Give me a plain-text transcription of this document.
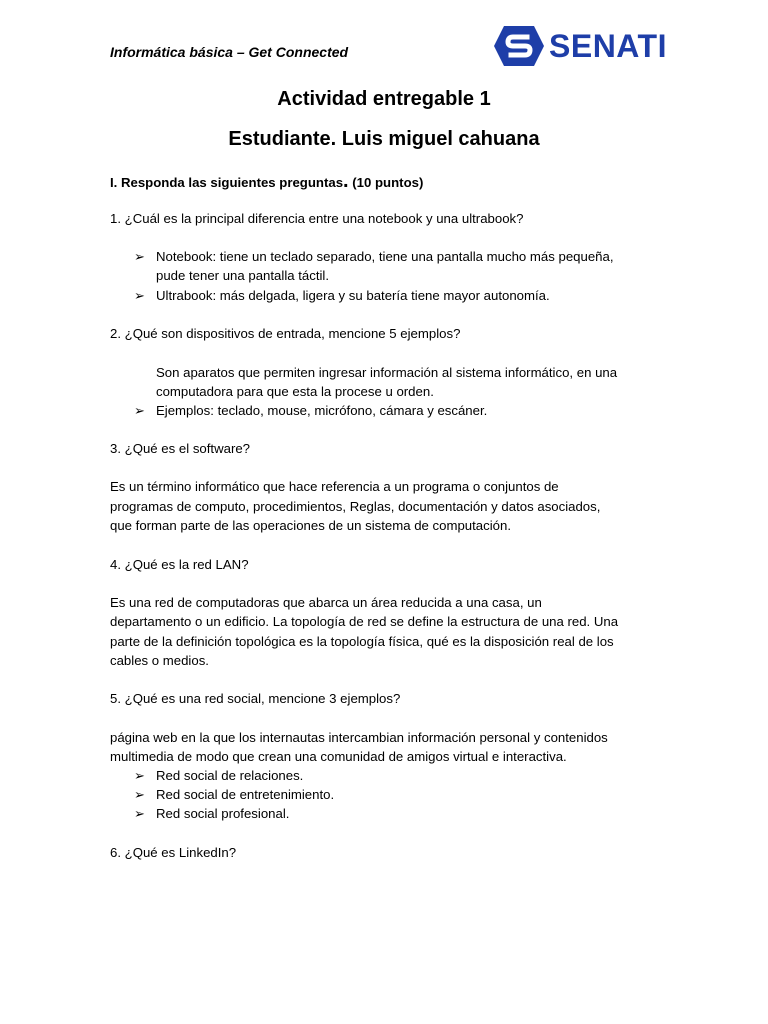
Informática básica – Get Connected	SENATI
Actividad entregable 1
Estudiante. Luis miguel cahuana
I. Responda las siguientes preguntas. (10 puntos)
1. ¿Cuál es la principal diferencia entre una notebook y una ultrabook?
➢ Notebook: tiene un teclado separado, tiene una pantalla mucho más pequeña,
pude tener una pantalla táctil.
➢ Ultrabook: más delgada, ligera y su batería tiene mayor autonomía.
2. ¿Qué son dispositivos de entrada, mencione 5 ejemplos?
Son aparatos que permiten ingresar información al sistema informático, en una
computadora para que esta la procese u orden.
➢ Ejemplos: teclado, mouse, micrófono, cámara y escáner.
3. ¿Qué es el software?
Es un término informático que hace referencia a un programa o conjuntos de
programas de computo, procedimientos, Reglas, documentación y datos asociados,
que forman parte de las operaciones de un sistema de computación.
4. ¿Qué es la red LAN?
Es una red de computadoras que abarca un área reducida a una casa, un
departamento o un edificio. La topología de red se define la estructura de una red. Una
parte de la definición topológica es la topología física, qué es la disposición real de los
cables o medios.
5. ¿Qué es una red social, mencione 3 ejemplos?
página web en la que los internautas intercambian información personal y contenidos
multimedia de modo que crean una comunidad de amigos virtual e interactiva.
➢ Red social de relaciones.
➢ Red social de entretenimiento.
➢ Red social profesional.
6. ¿Qué es LinkedIn?
